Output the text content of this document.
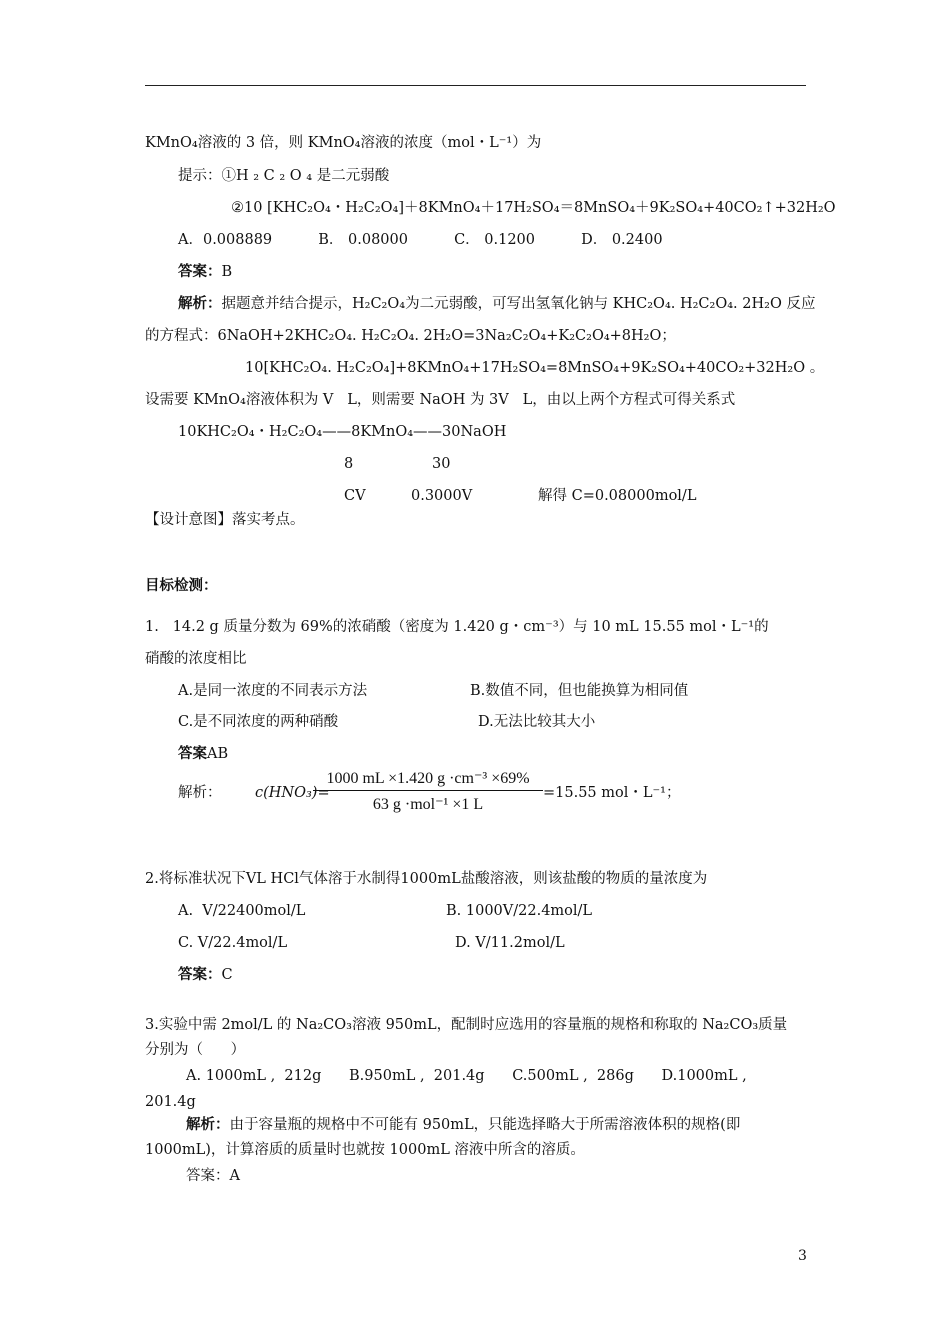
KMnO₄溶液的 3 倍，则 KMnO₄溶液的浓度（mol・L⁻¹）为
提示：①H ₂ C ₂ O ₄ 是二元弱酸
②10 [KHC₂O₄・H₂C₂O₄]＋8KMnO₄＋17H₂SO₄＝8MnSO₄＋9K₂SO₄+40CO₂↑+32H₂O
A．0.008889          B． 0.08000          C． 0.1200          D． 0.2400
答案：B
解析：据题意并结合提示，H₂C₂O₄为二元弱酸，可写出氢氧化钠与 KHC₂O₄. H₂C₂O₄. 2H₂O 反应
的方程式：6NaOH+2KHC₂O₄. H₂C₂O₄. 2H₂O=3Na₂C₂O₄+K₂C₂O₄+8H₂O；
10[KHC₂O₄. H₂C₂O₄]+8KMnO₄+17H₂SO₄=8MnSO₄+9K₂SO₄+40CO₂+32H₂O 。
设需要 KMnO₄溶液体积为 V   L，则需要 NaOH 为 3V   L，由以上两个方程式可得关系式
10KHC₂O₄・H₂C₂O₄——8KMnO₄——30NaOH
8	30
CV	0.3000V	解得 C=0.08000mol/L
【设计意图】落实考点。
目标检测：
1.   14.2 g 质量分数为 69%的浓硝酸（密度为 1.420 g・cm⁻³）与 10 mL 15.55 mol・L⁻¹的
硝酸的浓度相比
A.是同一浓度的不同表示方法	B.数值不同，但也能换算为相同值
C.是不同浓度的两种硝酸	D.无法比较其大小
答案AB
解析： c(HNO₃)=
1000 mL ×1.420 g ·cm⁻³ ×69%
63 g ·mol⁻¹ ×1 L
=15.55 mol・L⁻¹；
2.将标准状况下VL HCl气体溶于水制得1000mL盐酸溶液，则该盐酸的物质的量浓度为
A.  V/22400mol/L	B. 1000V/22.4mol/L
C. V/22.4mol/L	D. V/11.2mol/L
答案：C
3.实验中需 2mol/L 的 Na₂CO₃溶液 950mL，配制时应选用的容量瓶的规格和称取的 Na₂CO₃质量
分别为（      ）
A. 1000mL ,  212g      B.950mL ,  201.4g      C.500mL ,  286g      D.1000mL ,
201.4g
解析：由于容量瓶的规格中不可能有 950mL，只能选择略大于所需溶液体积的规格(即
1000mL)，计算溶质的质量时也就按 1000mL 溶液中所含的溶质。
答案：A
3
